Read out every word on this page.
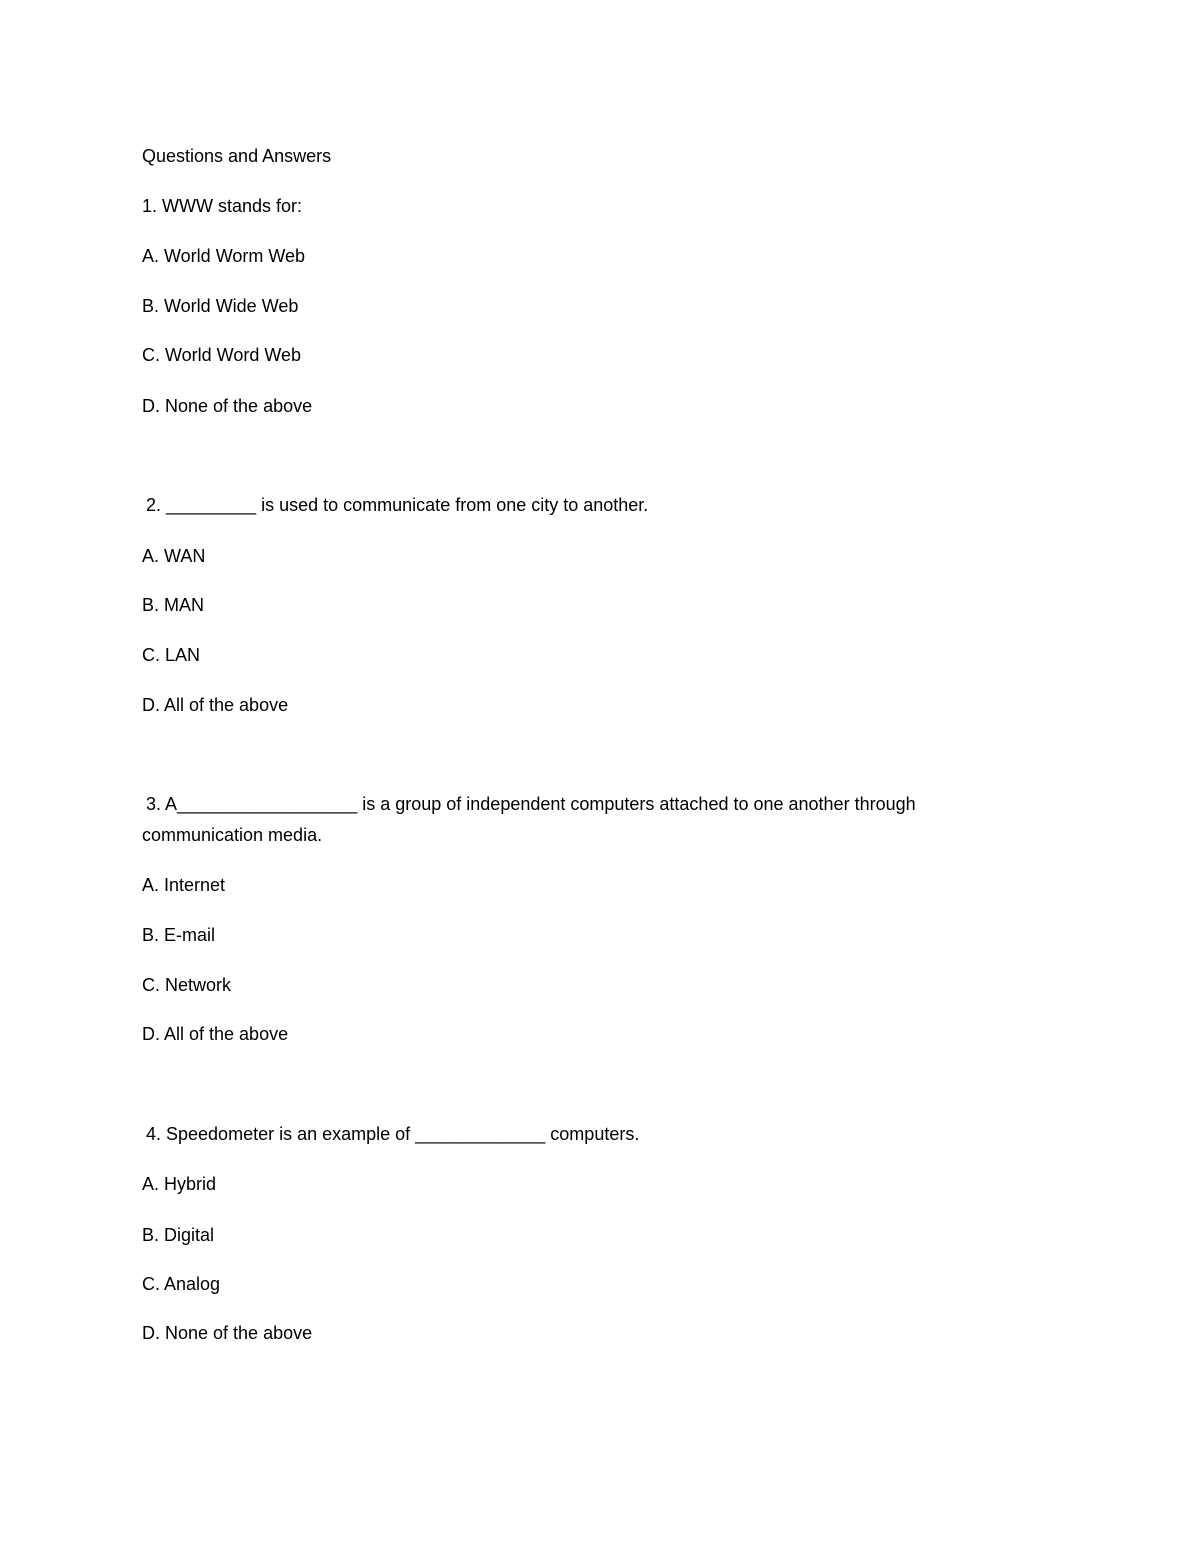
Questions and Answers

1. WWW stands for:

A. World Worm Web

B. World Wide Web

C. World Word Web

D. None of the above

2. _________ is used to communicate from one city to another.

A. WAN

B. MAN

C. LAN

D. All of the above

3. A__________________ is a group of independent computers attached to one another through

communication media.

A. Internet

B. E-mail

C. Network

D. All of the above

4. Speedometer is an example of _____________ computers.

A. Hybrid

B. Digital

C. Analog

D. None of the above
